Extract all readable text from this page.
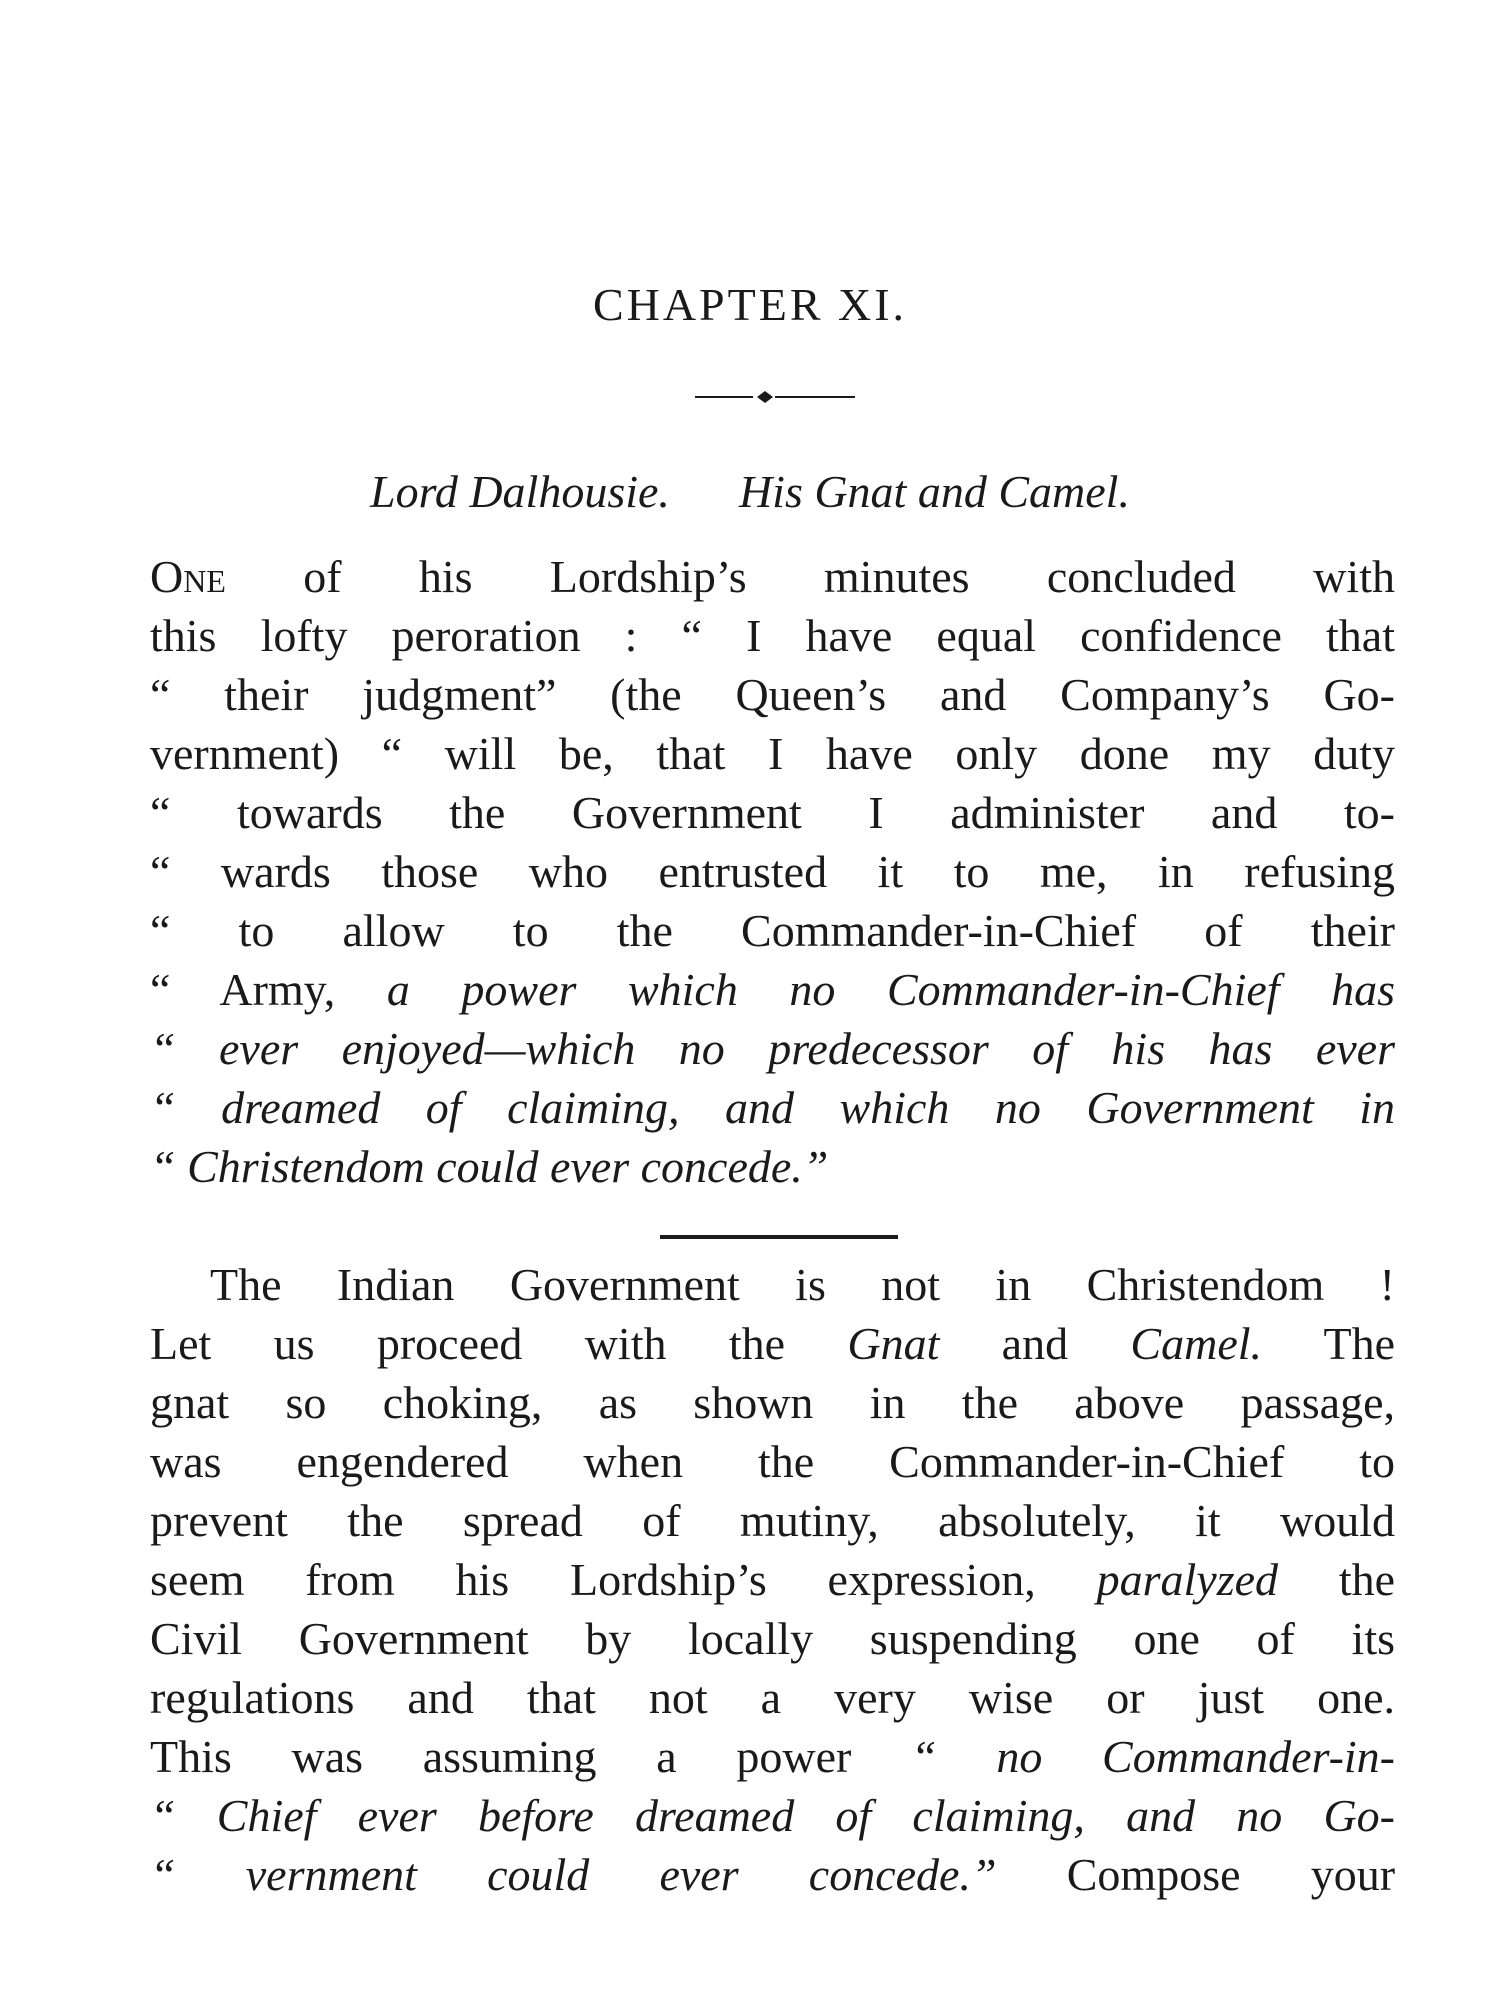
CHAPTER XI.
Lord Dalhousie. His Gnat and Camel.
One of his Lordship’s minutes concluded with
this lofty peroration : “ I have equal confidence that
“ their judgment” (the Queen’s and Company’s Go-
vernment) “ will be, that I have only done my duty
“ towards the Government I administer and to-
“ wards those who entrusted it to me, in refusing
“ to allow to the Commander-in-Chief of their
“ Army, a power which no Commander-in-Chief has
“ ever enjoyed—which no predecessor of his has ever
“ dreamed of claiming, and which no Government in
“ Christendom could ever concede.”
The Indian Government is not in Christendom !
Let us proceed with the Gnat and Camel. The
gnat so choking, as shown in the above passage,
was engendered when the Commander-in-Chief to
prevent the spread of mutiny, absolutely, it would
seem from his Lordship’s expression, paralyzed the
Civil Government by locally suspending one of its
regulations and that not a very wise or just one.
This was assuming a power “ no Commander-in-
“ Chief ever before dreamed of claiming, and no Go-
“ vernment could ever concede.” Compose your
